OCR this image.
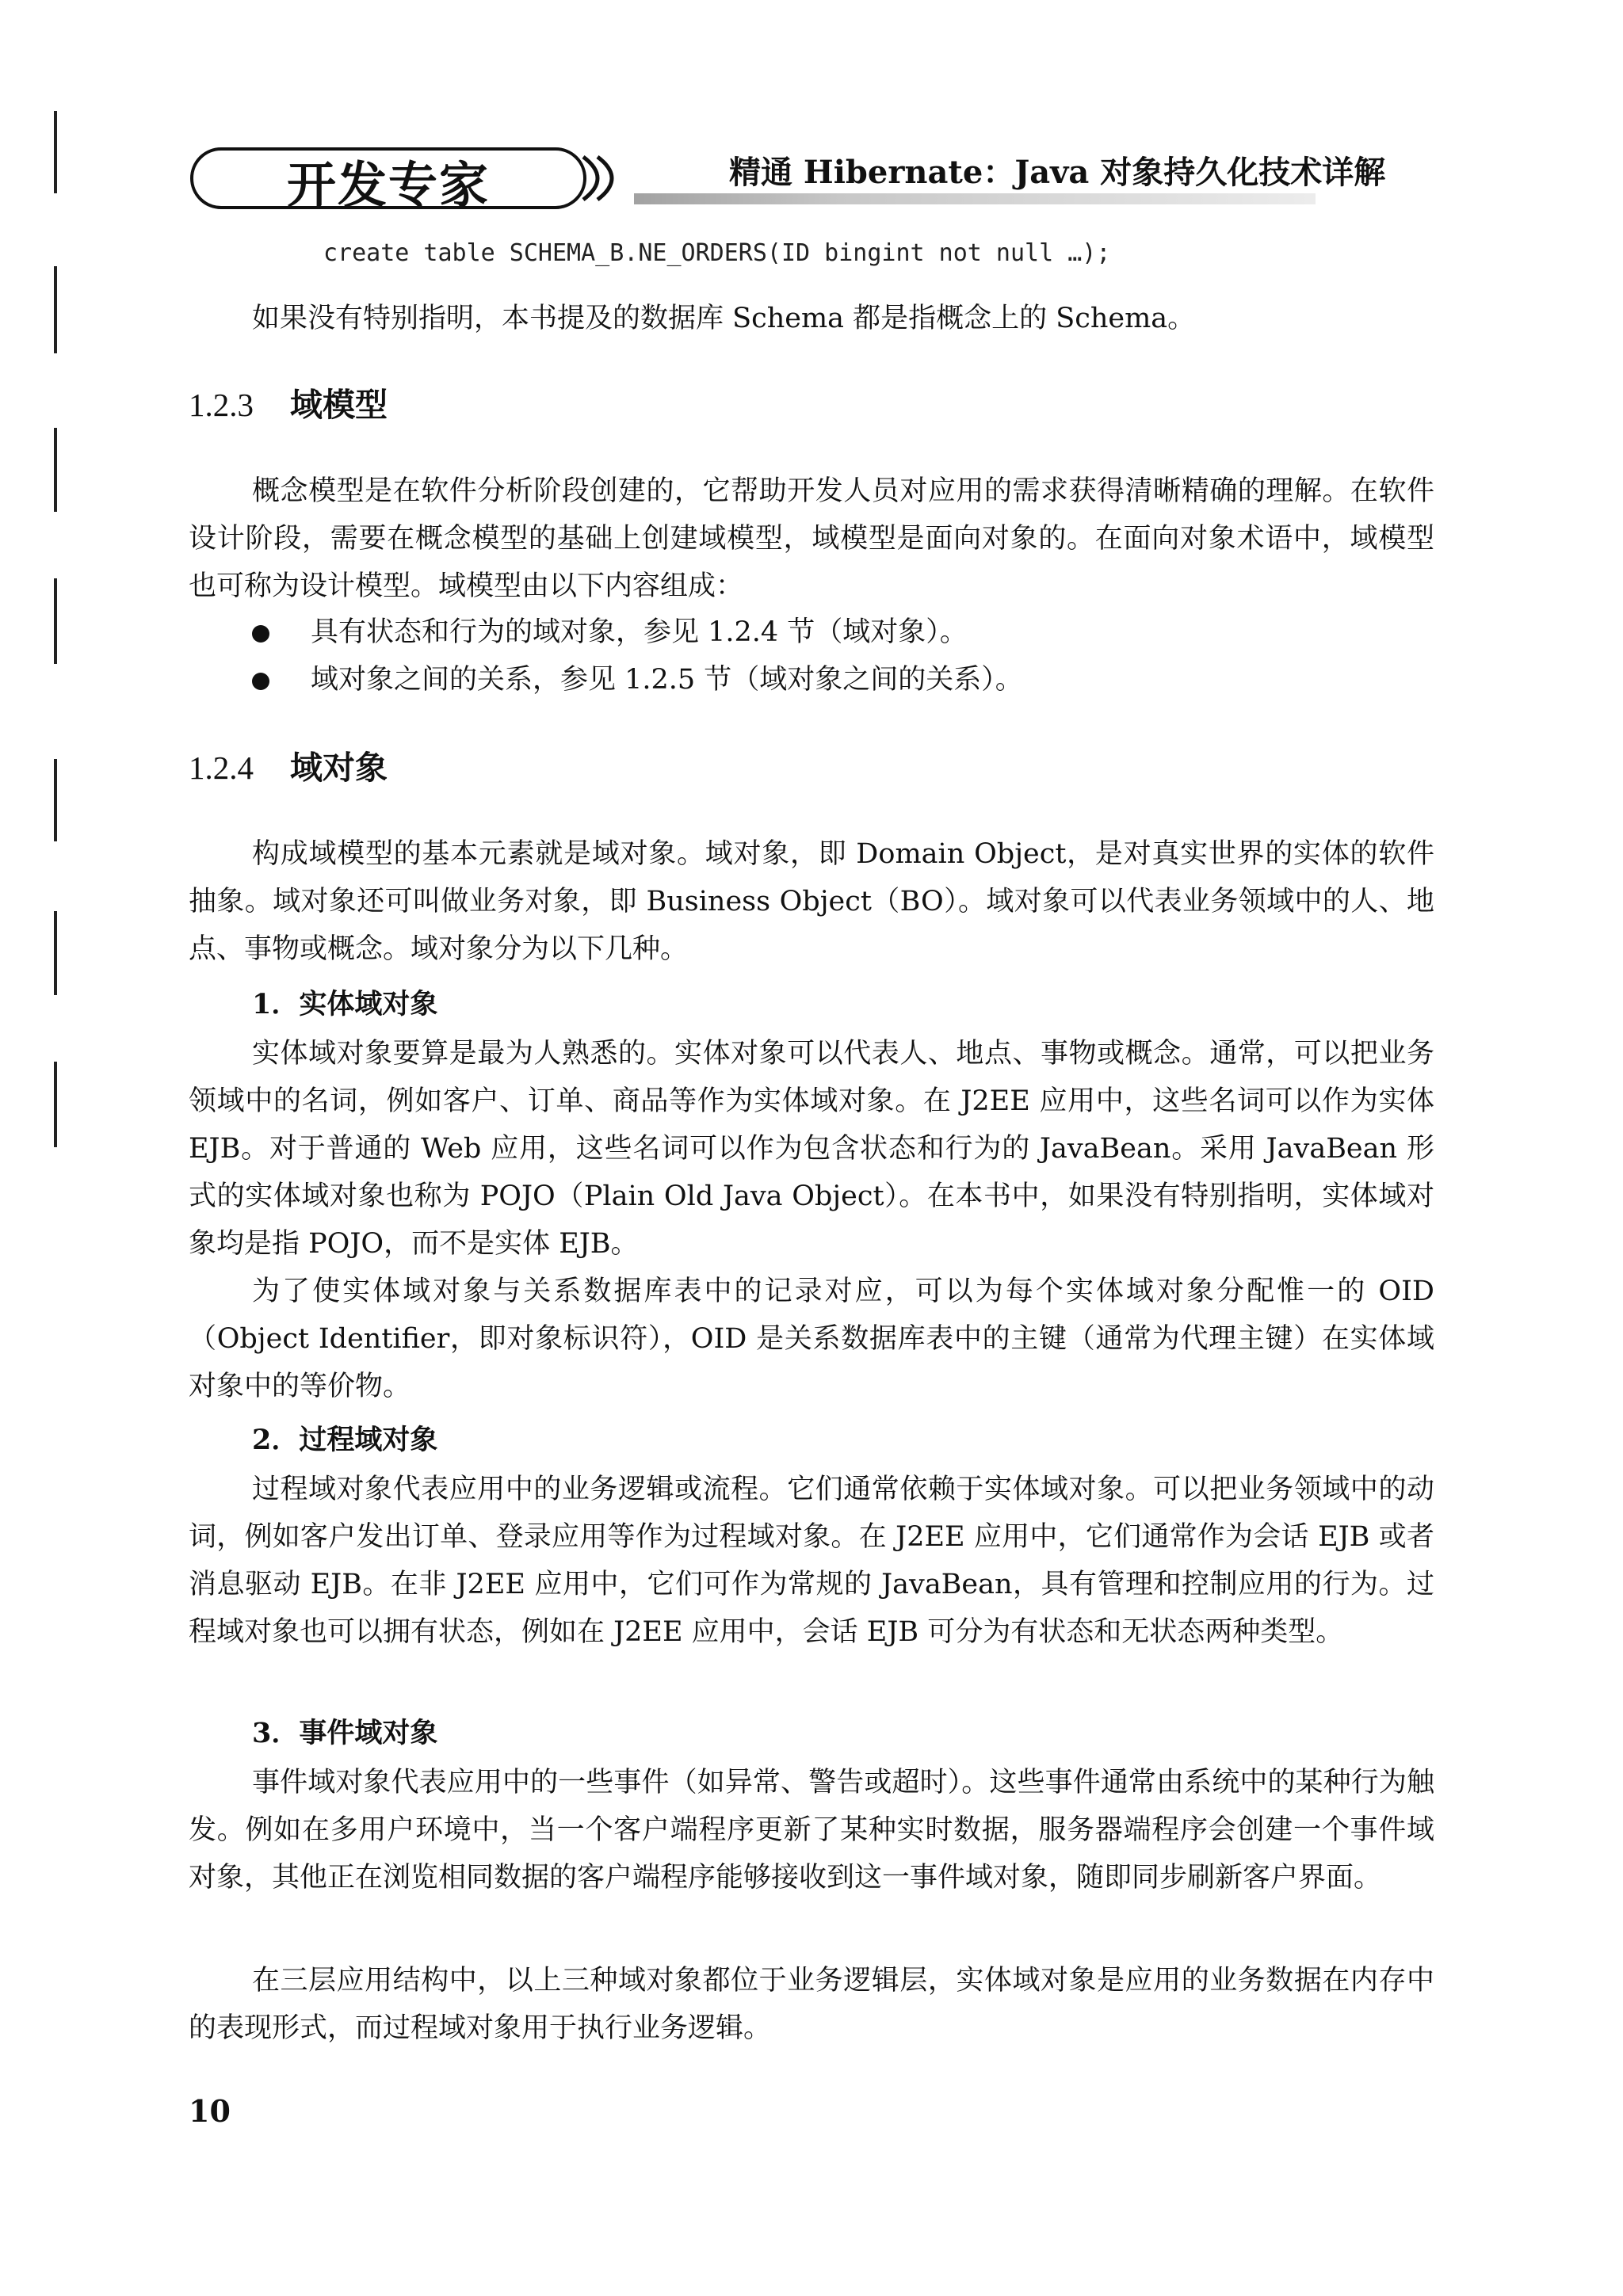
开发专家	精通 Hibernate：Java 对象持久化技术详解
create table SCHEMA_B.NE_ORDERS(ID bingint not null …);
如果没有特别指明，本书提及的数据库 Schema 都是指概念上的 Schema。
1.2.3 域模型
概念模型是在软件分析阶段创建的，它帮助开发人员对应用的需求获得清晰精确的理解。在软件设计阶段，需要在概念模型的基础上创建域模型，域模型是面向对象的。在面向对象术语中，域模型也可称为设计模型。域模型由以下内容组成：
具有状态和行为的域对象，参见 1.2.4 节（域对象）。
域对象之间的关系，参见 1.2.5 节（域对象之间的关系）。
1.2.4 域对象
构成域模型的基本元素就是域对象。域对象，即 Domain Object，是对真实世界的实体的软件抽象。域对象还可叫做业务对象，即 Business Object（BO）。域对象可以代表业务领域中的人、地点、事物或概念。域对象分为以下几种。
1．实体域对象
实体域对象要算是最为人熟悉的。实体对象可以代表人、地点、事物或概念。通常，可以把业务领域中的名词，例如客户、订单、商品等作为实体域对象。在 J2EE 应用中，这些名词可以作为实体 EJB。对于普通的 Web 应用，这些名词可以作为包含状态和行为的 JavaBean。采用 JavaBean 形式的实体域对象也称为 POJO（Plain Old Java Object）。在本书中，如果没有特别指明，实体域对象均是指 POJO，而不是实体 EJB。
为了使实体域对象与关系数据库表中的记录对应，可以为每个实体域对象分配惟一的 OID（Object Identifier，即对象标识符），OID 是关系数据库表中的主键（通常为代理主键）在实体域对象中的等价物。
2．过程域对象
过程域对象代表应用中的业务逻辑或流程。它们通常依赖于实体域对象。可以把业务领域中的动词，例如客户发出订单、登录应用等作为过程域对象。在 J2EE 应用中，它们通常作为会话 EJB 或者消息驱动 EJB。在非 J2EE 应用中，它们可作为常规的 JavaBean，具有管理和控制应用的行为。过程域对象也可以拥有状态，例如在 J2EE 应用中，会话 EJB 可分为有状态和无状态两种类型。
3．事件域对象
事件域对象代表应用中的一些事件（如异常、警告或超时）。这些事件通常由系统中的某种行为触发。例如在多用户环境中，当一个客户端程序更新了某种实时数据，服务器端程序会创建一个事件域对象，其他正在浏览相同数据的客户端程序能够接收到这一事件域对象，随即同步刷新客户界面。
在三层应用结构中，以上三种域对象都位于业务逻辑层，实体域对象是应用的业务数据在内存中的表现形式，而过程域对象用于执行业务逻辑。
10
